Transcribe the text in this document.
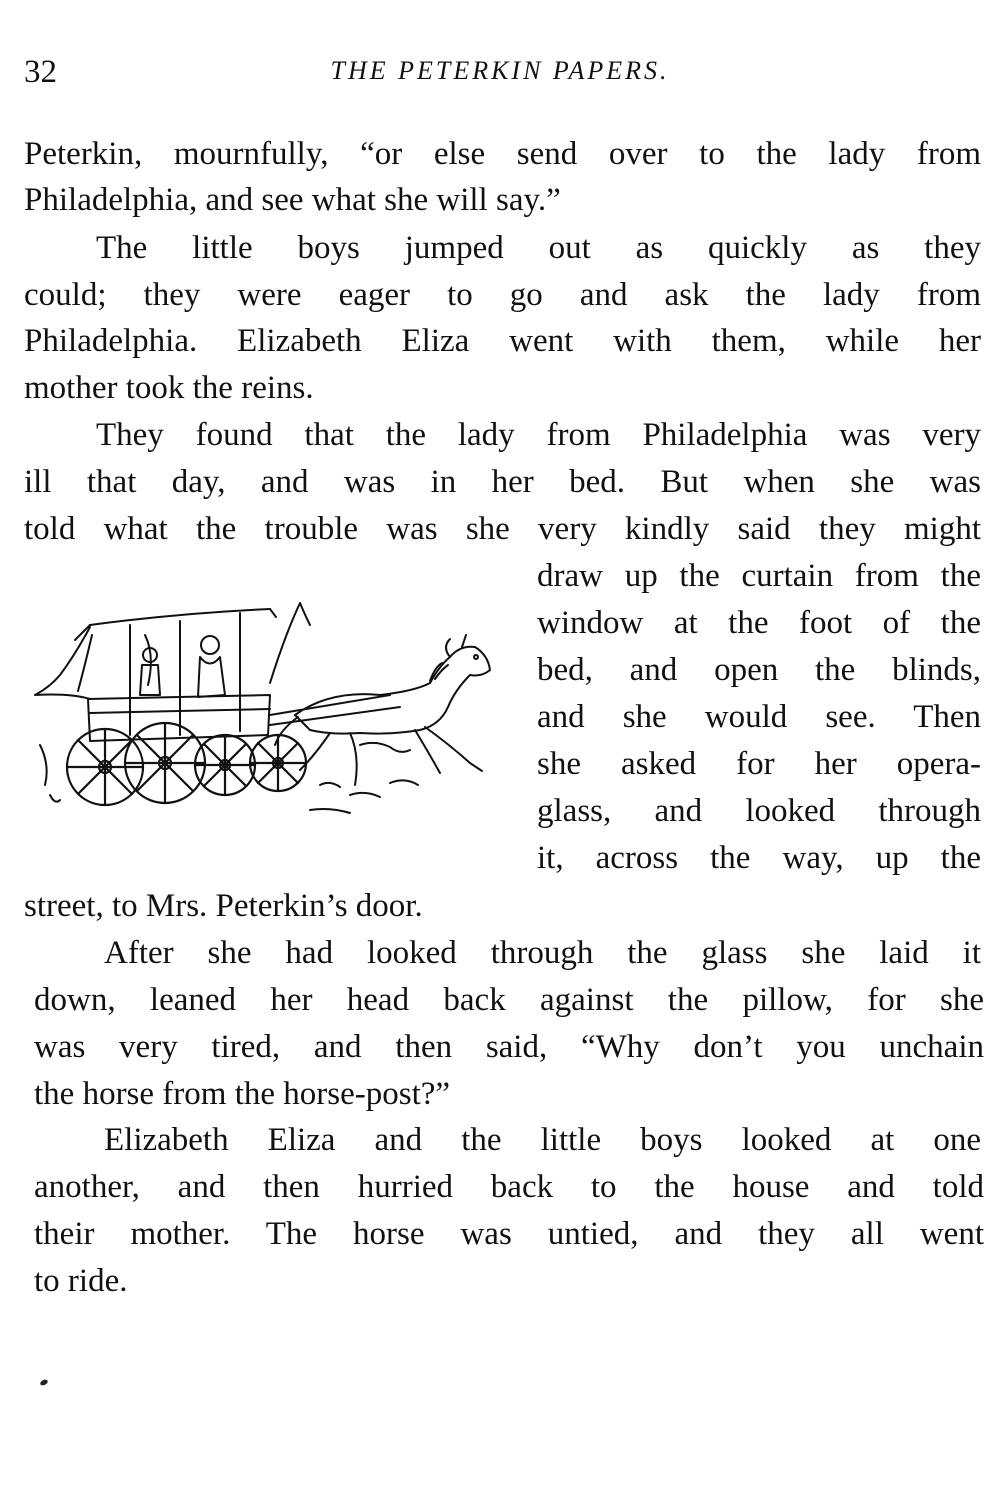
32	THE PETERKIN PAPERS.
Peterkin, mournfully, “or else send over to the lady from
Philadelphia, and see what she will say.”
The little boys jumped out as quickly as they
could; they were eager to go and ask the lady from
Philadelphia. Elizabeth Eliza went with them, while her
mother took the reins.
They found that the lady from Philadelphia was very
ill that day, and was in her bed. But when she was
told what the trouble was she very kindly said they might
draw up the curtain from the
window at the foot of the
bed, and open the blinds,
and she would see. Then
she asked for her opera-
glass, and looked through
it, across the way, up the
street, to Mrs. Peterkin’s door.
After she had looked through the glass she laid it
down, leaned her head back against the pillow, for she
was very tired, and then said, “Why don’t you unchain
the horse from the horse-post?”
Elizabeth Eliza and the little boys looked at one
another, and then hurried back to the house and told
their mother. The horse was untied, and they all went
to ride.
